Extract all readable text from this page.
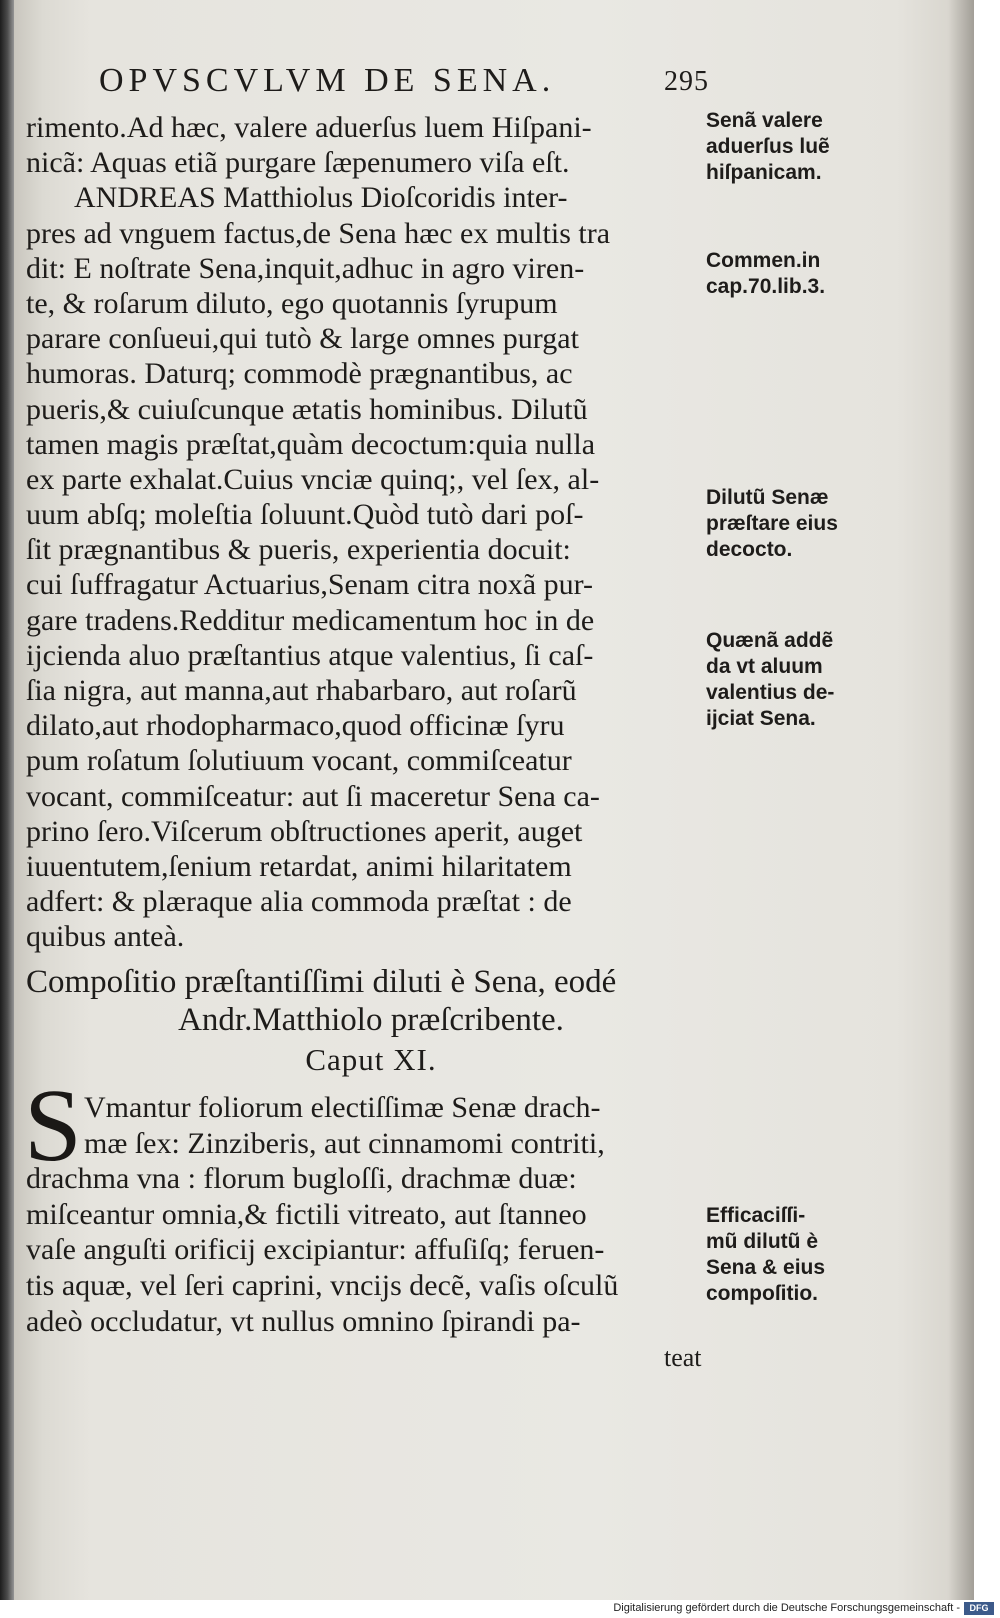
OPVSCVLVM DE SENA.	295
rimento.Ad hæc, valere aduerſus luem Hiſpani-
nicã: Aquas etiã purgare ſæpenumero viſa eſt.
ANDREAS Matthiolus Dioſcoridis inter-
pres ad vnguem factus,de Sena hæc ex multis tra
dit: E noſtrate Sena,inquit,adhuc in agro viren-
te, & roſarum diluto, ego quotannis ſyrupum
parare conſueui,qui tutò & large omnes purgat
humoras. Daturq; commodè prægnantibus, ac
pueris,& cuiuſcunque ætatis hominibus. Dilutũ
tamen magis præſtat,quàm decoctum:quia nulla
ex parte exhalat.Cuius vnciæ quinq;, vel ſex, al-
uum abſq; moleſtia ſoluunt.Quòd tutò dari poſ-
ſit prægnantibus & pueris, experientia docuit:
cui ſuffragatur Actuarius,Senam citra noxã pur-
gare tradens.Redditur medicamentum hoc in de
ijcienda aluo præſtantius atque valentius, ſi caſ-
ſia nigra, aut manna,aut rhabarbaro, aut roſarũ
dilato,aut rhodopharmaco,quod officinæ ſyru
pum roſatum ſolutiuum vocant, commiſceatur
vocant, commiſceatur: aut ſi maceretur Sena ca-
prino ſero.Viſcerum obſtructiones aperit, auget
iuuentutem,ſenium retardat, animi hilaritatem
adfert: & plæraque alia commoda præſtat : de
quibus anteà.
Compoſitio præſtantiſſimi diluti è Sena, eodé
Andr.Matthiolo præſcribente.
Caput XI.
S Vmantur foliorum electiſſimæ Senæ drach-
mæ ſex: Zinziberis, aut cinnamomi contriti,
drachma vna : florum bugloſſi, drachmæ duæ:
miſceantur omnia,& fictili vitreato, aut ſtanneo
vaſe anguſti orificij excipiantur: affuſiſq; feruen-
tis aquæ, vel ſeri caprini, vncijs decẽ, vaſis oſculũ
adeò occludatur, vt nullus omnino ſpirandi pa-
teat
Senã valere
aduerſus luẽ
hiſpanicam.
Commen.in
cap.70.lib.3.
Dilutũ Senæ
præſtare eius
decocto.
Quænã addẽ
da vt aluum
valentius de-
ijciat Sena.
Efficaciſſi-
mũ dilutũ è
Sena & eius
compoſitio.
Digitalisierung gefördert durch die Deutsche Forschungsgemeinschaft -	DFG
